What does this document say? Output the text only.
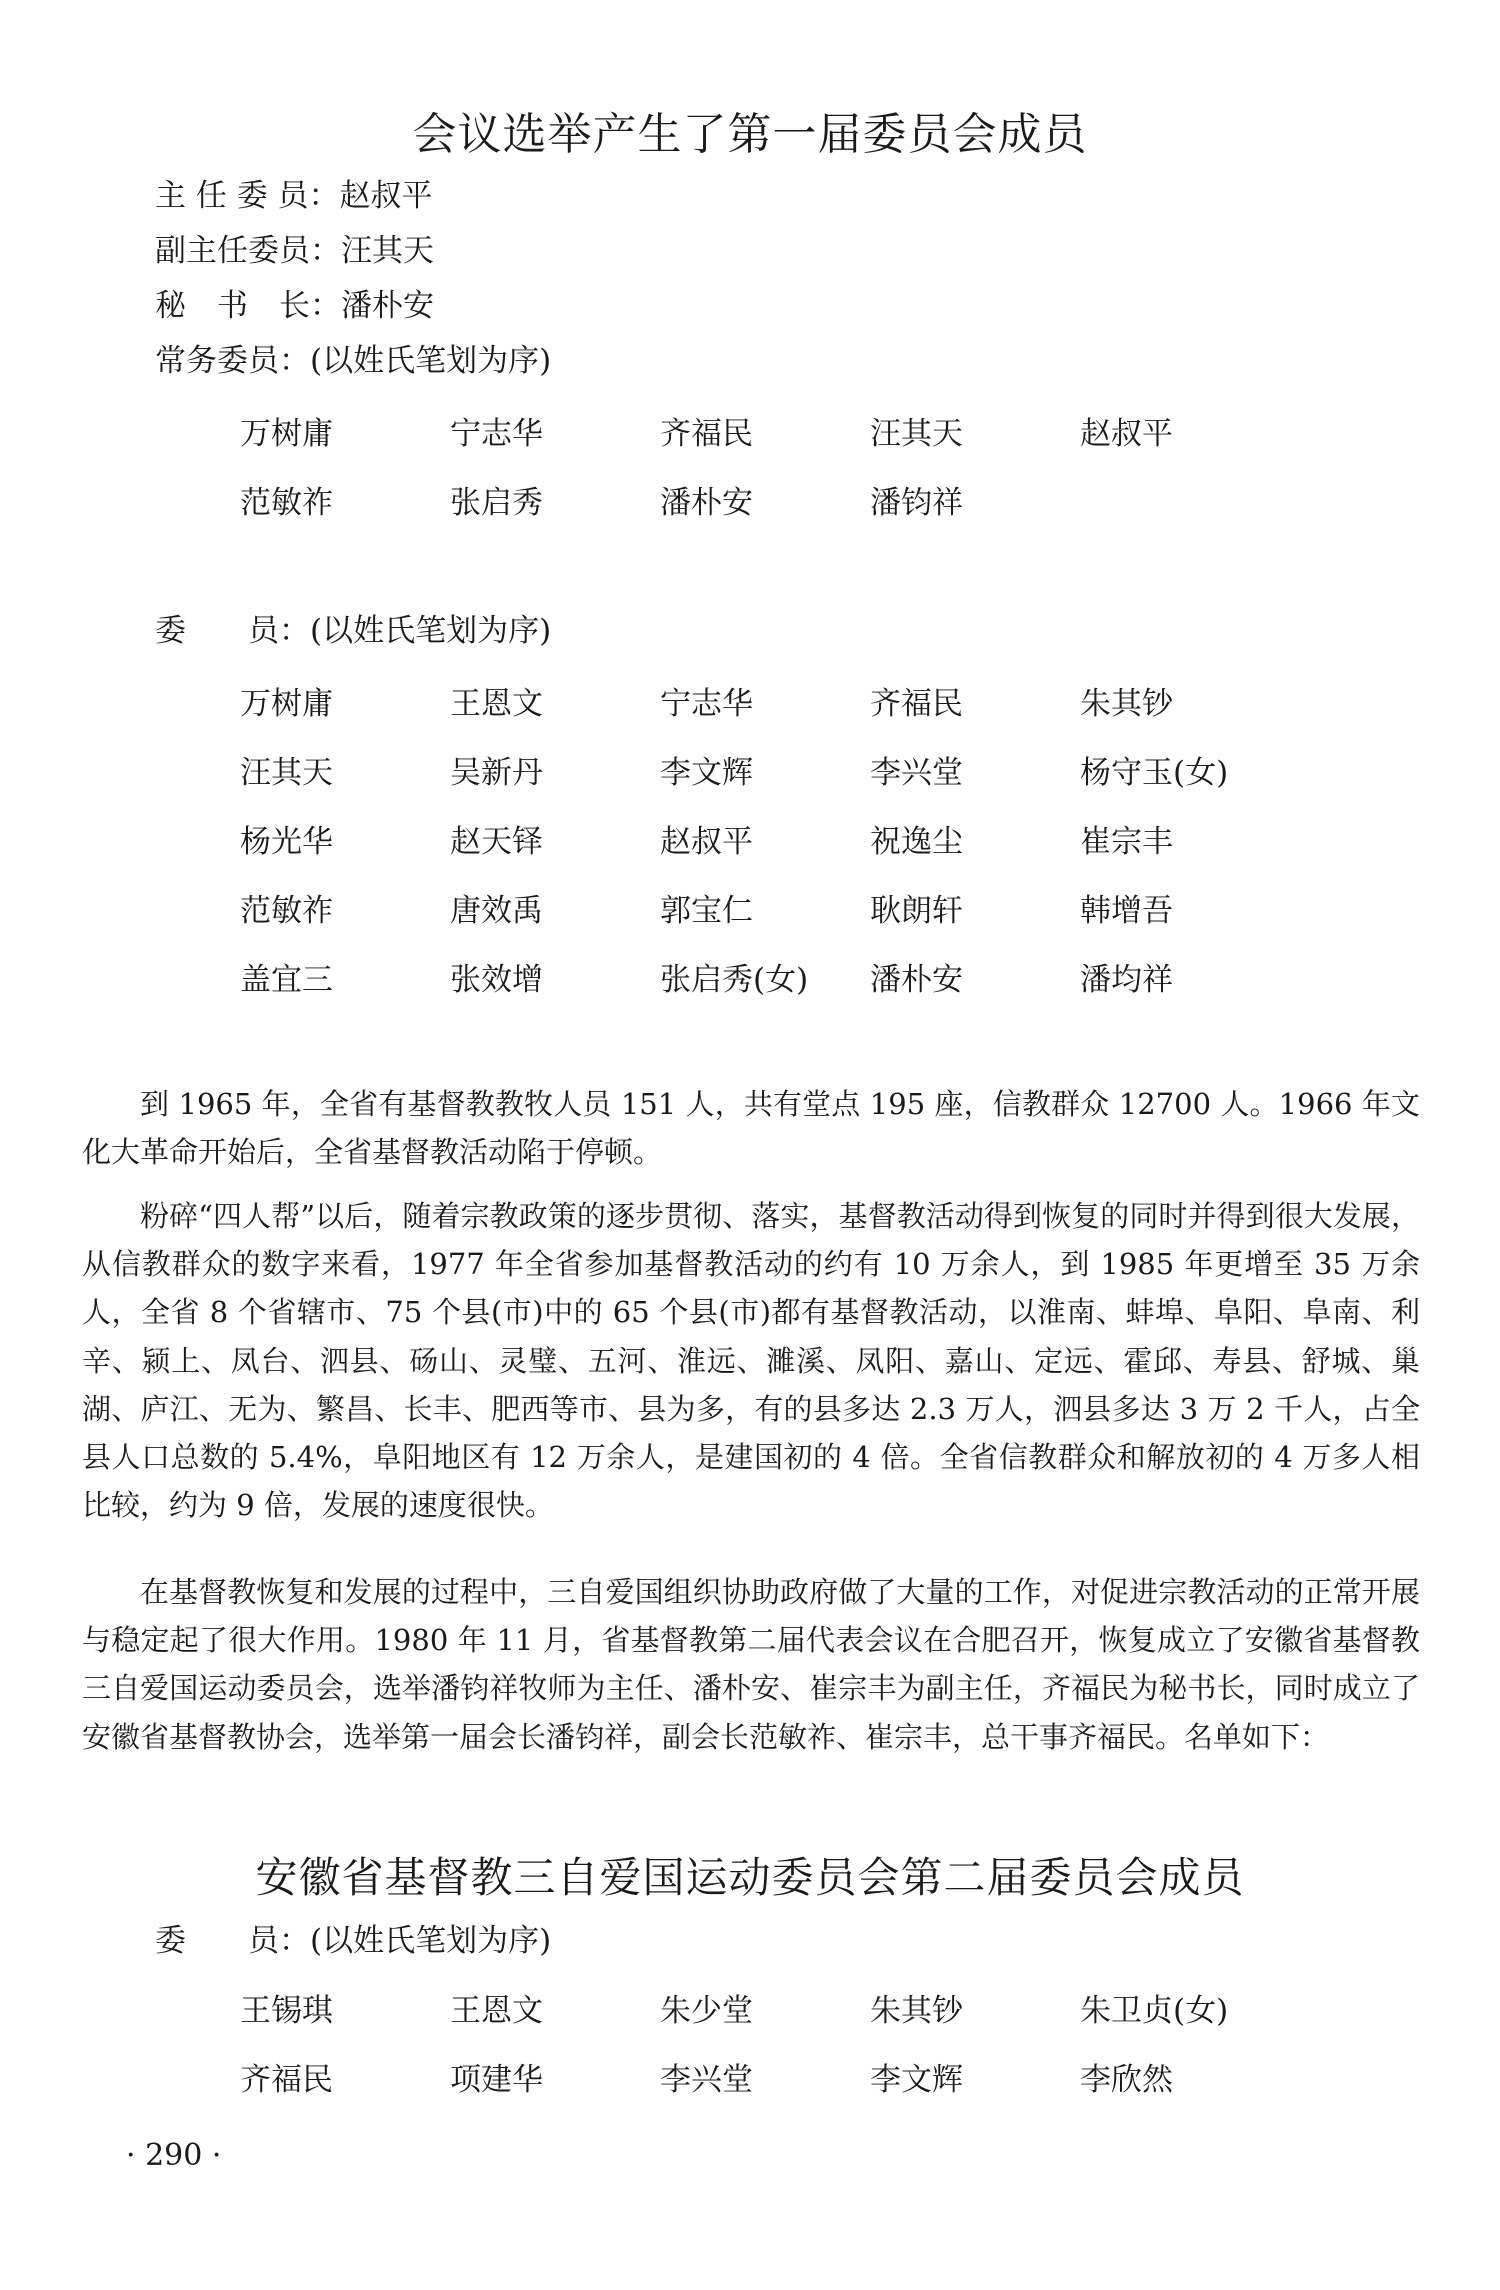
会议选举产生了第一届委员会成员
主 任 委 员：赵叔平
副主任委员：汪其天
秘　书　长：潘朴安
常务委员：(以姓氏笔划为序)
万树庸	宁志华	齐福民	汪其天	赵叔平
范敏祚	张启秀	潘朴安	潘钧祥
委　　员：(以姓氏笔划为序)
万树庸	王恩文	宁志华	齐福民	朱其钞
汪其天	吴新丹	李文辉	李兴堂	杨守玉(女)
杨光华	赵天铎	赵叔平	祝逸尘	崔宗丰
范敏祚	唐效禹	郭宝仁	耿朗轩	韩增吾
盖宜三	张效增	张启秀(女)	潘朴安	潘均祥
到 1965 年，全省有基督教教牧人员 151 人，共有堂点 195 座，信教群众 12700 人。1966 年文化大革命开始后，全省基督教活动陷于停顿。
粉碎“四人帮”以后，随着宗教政策的逐步贯彻、落实，基督教活动得到恢复的同时并得到很大发展，从信教群众的数字来看，1977 年全省参加基督教活动的约有 10 万余人，到 1985 年更增至 35 万余人，全省 8 个省辖市、75 个县(市)中的 65 个县(市)都有基督教活动，以淮南、蚌埠、阜阳、阜南、利辛、颍上、凤台、泗县、砀山、灵璧、五河、淮远、濉溪、凤阳、嘉山、定远、霍邱、寿县、舒城、巢湖、庐江、无为、繁昌、长丰、肥西等市、县为多，有的县多达 2.3 万人，泗县多达 3 万 2 千人，占全县人口总数的 5.4%，阜阳地区有 12 万余人，是建国初的 4 倍。全省信教群众和解放初的 4 万多人相比较，约为 9 倍，发展的速度很快。
在基督教恢复和发展的过程中，三自爱国组织协助政府做了大量的工作，对促进宗教活动的正常开展与稳定起了很大作用。1980 年 11 月，省基督教第二届代表会议在合肥召开，恢复成立了安徽省基督教三自爱国运动委员会，选举潘钧祥牧师为主任、潘朴安、崔宗丰为副主任，齐福民为秘书长，同时成立了安徽省基督教协会，选举第一届会长潘钧祥，副会长范敏祚、崔宗丰，总干事齐福民。名单如下：
安徽省基督教三自爱国运动委员会第二届委员会成员
委　　员：(以姓氏笔划为序)
王锡琪	王恩文	朱少堂	朱其钞	朱卫贞(女)
齐福民	项建华	李兴堂	李文辉	李欣然
· 290 ·
